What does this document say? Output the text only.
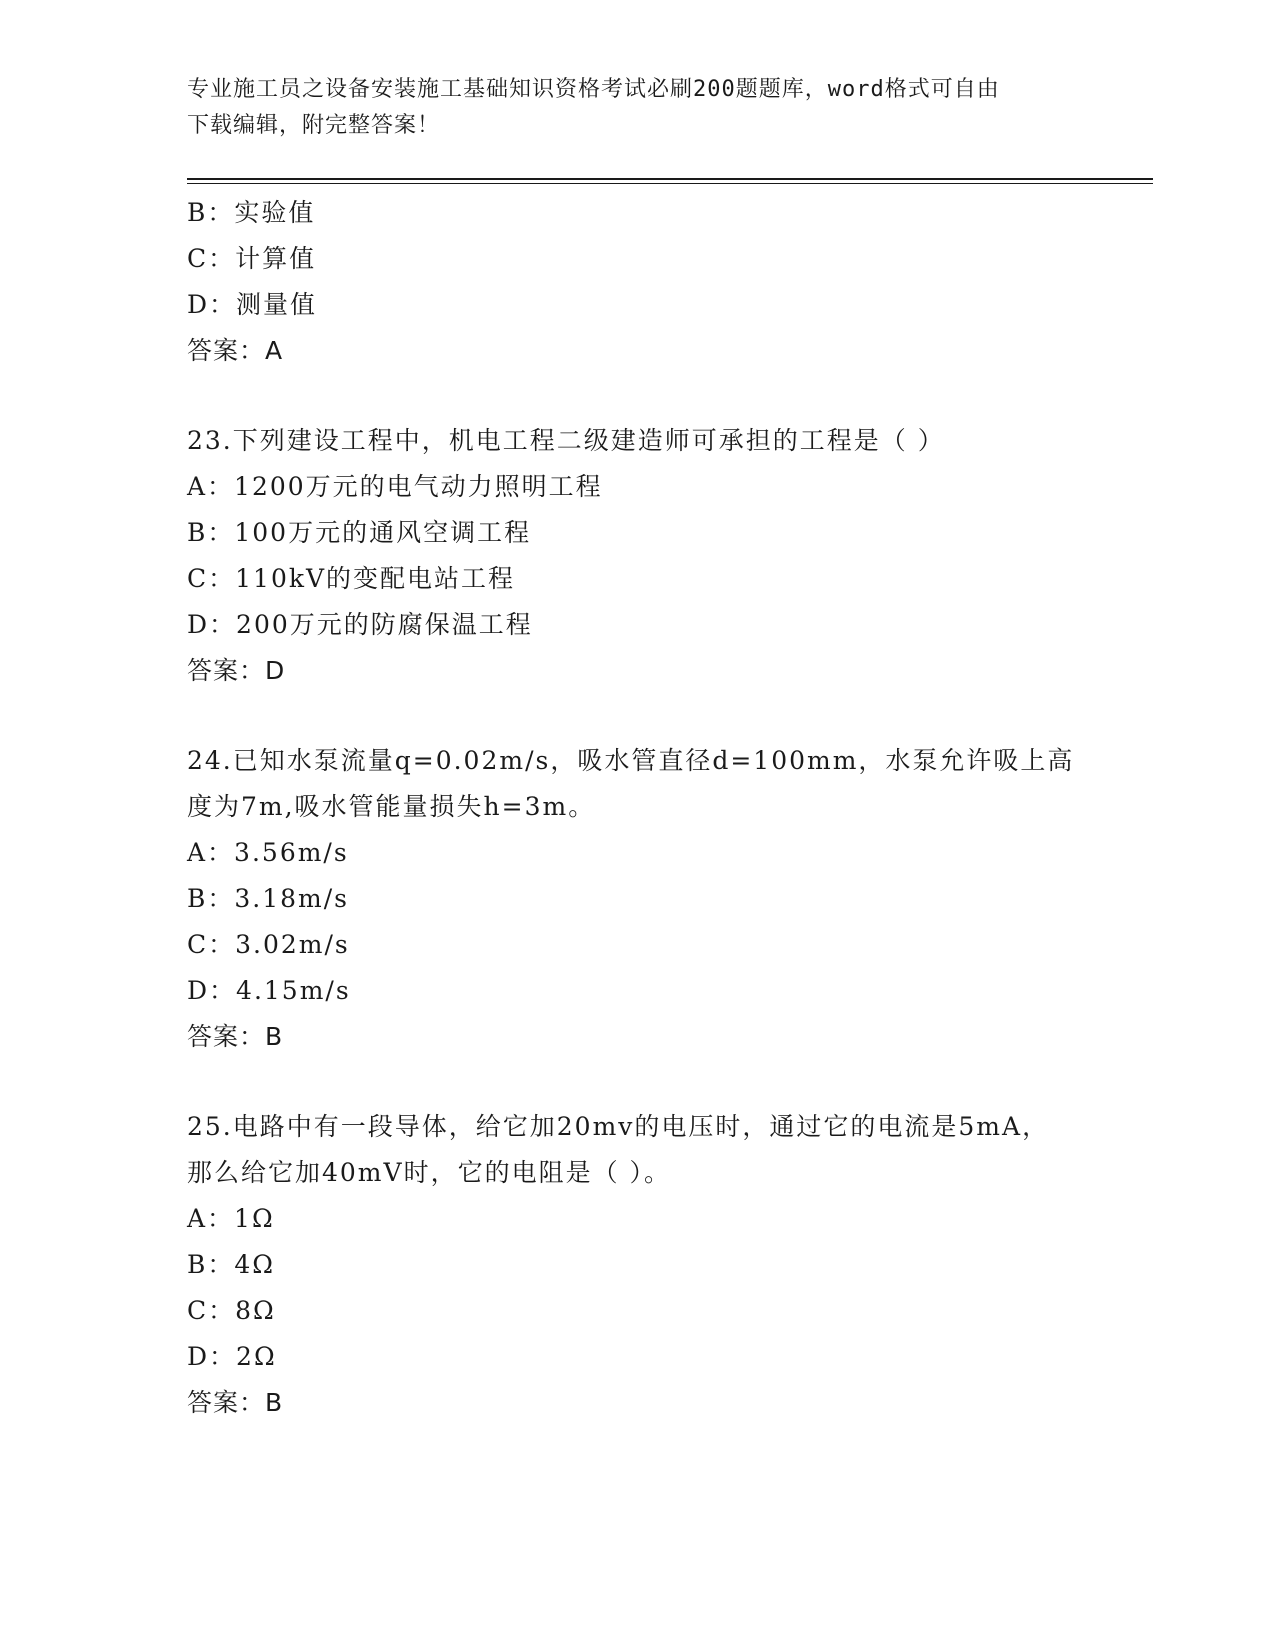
专业施工员之设备安装施工基础知识资格考试必刷200题题库，word格式可自由
下载编辑，附完整答案！
B：实验值
C：计算值
D：测量值
答案：A
23.下列建设工程中，机电工程二级建造师可承担的工程是（ ）
A：1200万元的电气动力照明工程
B：100万元的通风空调工程
C：110kV的变配电站工程
D：200万元的防腐保温工程
答案：D
24.已知水泵流量q=0.02m/s，吸水管直径d=100mm，水泵允许吸上高
度为7m,吸水管能量损失h=3m。
A：3.56m/s
B：3.18m/s
C：3.02m/s
D：4.15m/s
答案：B
25.电路中有一段导体，给它加20mv的电压时，通过它的电流是5mA，
那么给它加40mV时，它的电阻是（ ）。
A：1Ω
B：4Ω
C：8Ω
D：2Ω
答案：B
